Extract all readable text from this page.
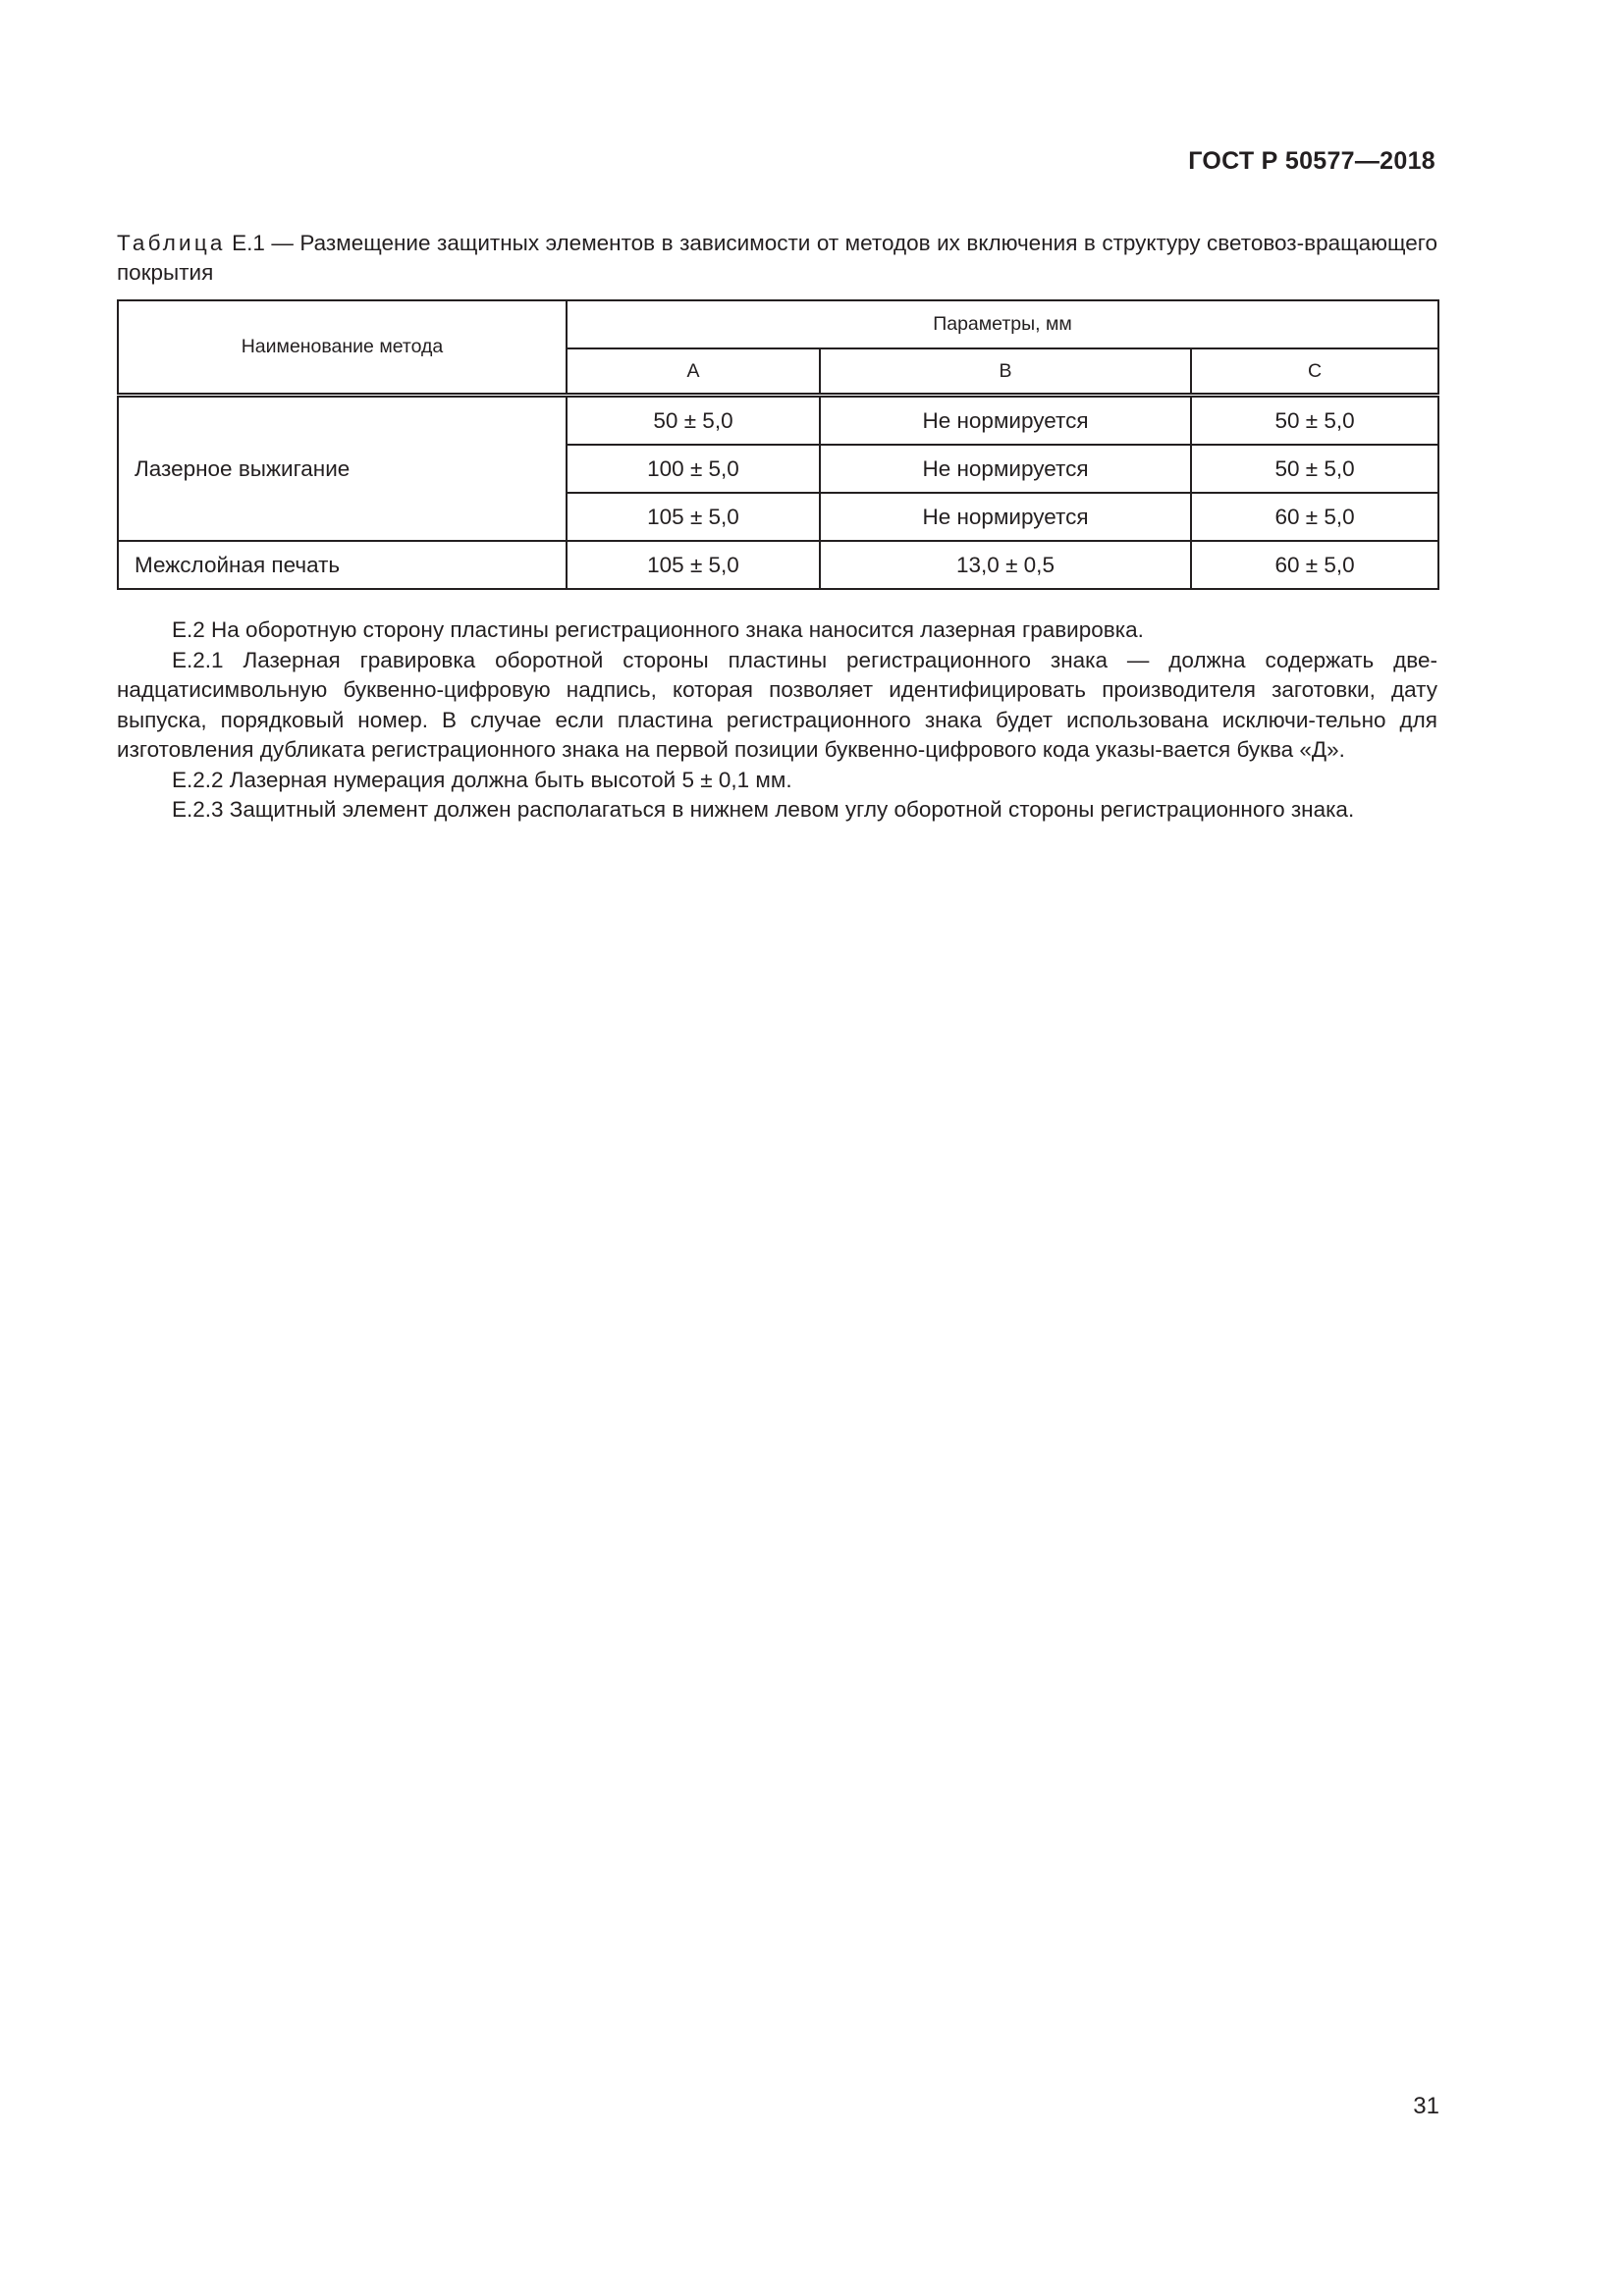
ГОСТ Р 50577—2018
Таблица Е.1 — Размещение защитных элементов в зависимости от методов их включения в структуру световоз-вращающего покрытия
Наименование метода	Параметры, мм		
	A	B	C
Лазерное выжигание	50 ± 5,0	Не нормируется	50 ± 5,0
	100 ± 5,0	Не нормируется	50 ± 5,0
	105 ± 5,0	Не нормируется	60 ± 5,0
Межслойная печать	105 ± 5,0	13,0 ± 0,5	60 ± 5,0

Е.2 На оборотную сторону пластины регистрационного знака наносится лазерная гравировка.

Е.2.1 Лазерная гравировка оборотной стороны пластины регистрационного знака — должна содержать две-надцатисимвольную буквенно-цифровую надпись, которая позволяет идентифицировать производителя заготовки, дату выпуска, порядковый номер. В случае если пластина регистрационного знака будет использована исключи-тельно для изготовления дубликата регистрационного знака на первой позиции буквенно-цифрового кода указы-вается буква «Д».

Е.2.2 Лазерная нумерация должна быть высотой 5 ± 0,1 мм.

Е.2.3 Защитный элемент должен располагаться в нижнем левом углу оборотной стороны регистрационного знака.

31
